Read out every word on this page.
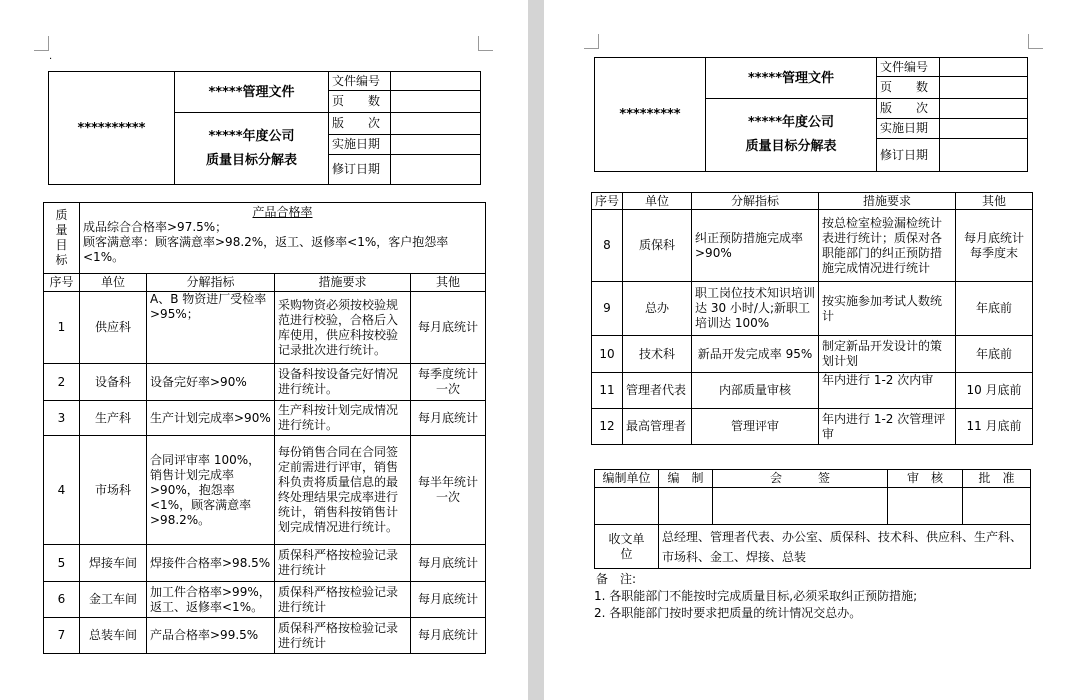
·
**********	*****管理文件	文件编号	
		页　　数	

	*****年度公司
质量目标分解表	版　　次	
		实施日期	
		修订日期	
质量目标	产品合格率
成品综合合格率>97.5%；
顾客满意率：顾客满意率>98.2%，返工、返修率<1%，客户抱怨率<1%。			

序号	单位	分解指标	措施要求	其他
1	供应科	A、B 物资进厂受检率>95%；	采购物资必须按校验规范进行校验，合格后入库使用，供应科按校验记录批次进行统计。	每月底统计
2	设备科	设备完好率>90%	设备科按设备完好情况进行统计。	每季度统计一次
3	生产科	生产计划完成率>90%	生产科按计划完成情况进行统计。	每月底统计
4	市场科	合同评审率 100%，销售计划完成率>90%，抱怨率<1%，顾客满意率>98.2%。	每份销售合同在合同签定前需进行评审，销售科负责将质量信息的最终处理结果完成率进行统计，销售科按销售计划完成情况进行统计。	每半年统计一次
5	焊接车间	焊接件合格率>98.5%	质保科严格按检验记录进行统计	每月底统计
6	金工车间	加工件合格率>99%，返工、返修率<1%。	质保科严格按检验记录进行统计	每月底统计
7	总装车间	产品合格率>99.5%	质保科严格按检验记录进行统计	每月底统计
*********	*****管理文件	文件编号	
		页　　数	

	*****年度公司
质量目标分解表	版　　次	
		实施日期	
		修订日期	
序号	单位	分解指标	措施要求	其他
8	质保科	纠正预防措施完成率>90%	按总检室检验漏检统计表进行统计；质保对各职能部门的纠正预防措施完成情况进行统计	每月底统计每季度末
9	总办	职工岗位技术知识培训达 30 小时/人;新职工培训达 100%	按实施参加考试人数统计	年底前
10	技术科	新品开发完成率 95%	制定新品开发设计的策划计划	年底前
11	管理者代表	内部质量审核	年内进行 1-2 次内审	10 月底前
12	最高管理者	管理评审	年内进行 1-2 次管理评审	11 月底前
编制单位	编　制	会　　　签	审　核	批　准

收文单位	总经理、管理者代表、办公室、质保科、技术科、供应科、生产科、
市场科、金工、焊接、总装			
备　注:
1. 各职能部门不能按时完成质量目标,必须采取纠正预防措施;
2. 各职能部门按时要求把质量的统计情况交总办。
